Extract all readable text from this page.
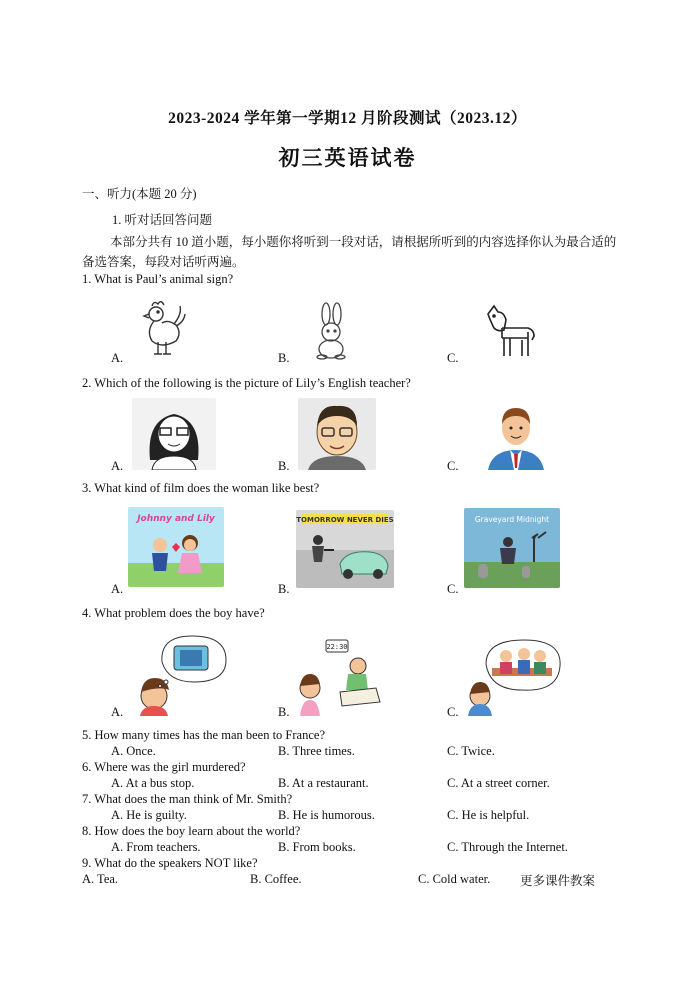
2023-2024 学年第一学期12 月阶段测试（2023.12）
初三英语试卷
一、听力(本题 20 分)
1. 听对话回答问题
本部分共有 10 道小题，每小题你将听到一段对话，请根据所听到的内容选择你认为最合适的备选答案，每段对话听两遍。
1. What is Paul’s animal sign?
A.	B.	C.
2. Which of the following is the picture of Lily’s English teacher?
A.	B.	C.
3. What kind of film does the woman like best?
Johnny and Lily
A.
TOMORROW NEVER DIES
B.
Graveyard Midnight
C.
4. What problem does the boy have?
A.
22:30
B.	C.
5. How many times has the man been to France?
A. Once.	B. Three times.	C. Twice.
6. Where was the girl murdered?
A. At a bus stop.	B. At a restaurant.	C. At a street corner.
7. What does the man think of Mr. Smith?
A. He is guilty.	B. He is humorous.	C. He is helpful.
8. How does the boy learn about the world?
A. From teachers.	B. From books.	C. Through the Internet.
9. What do the speakers NOT like?
A. Tea.	B. Coffee.	C. Cold water. 更多课件教案
